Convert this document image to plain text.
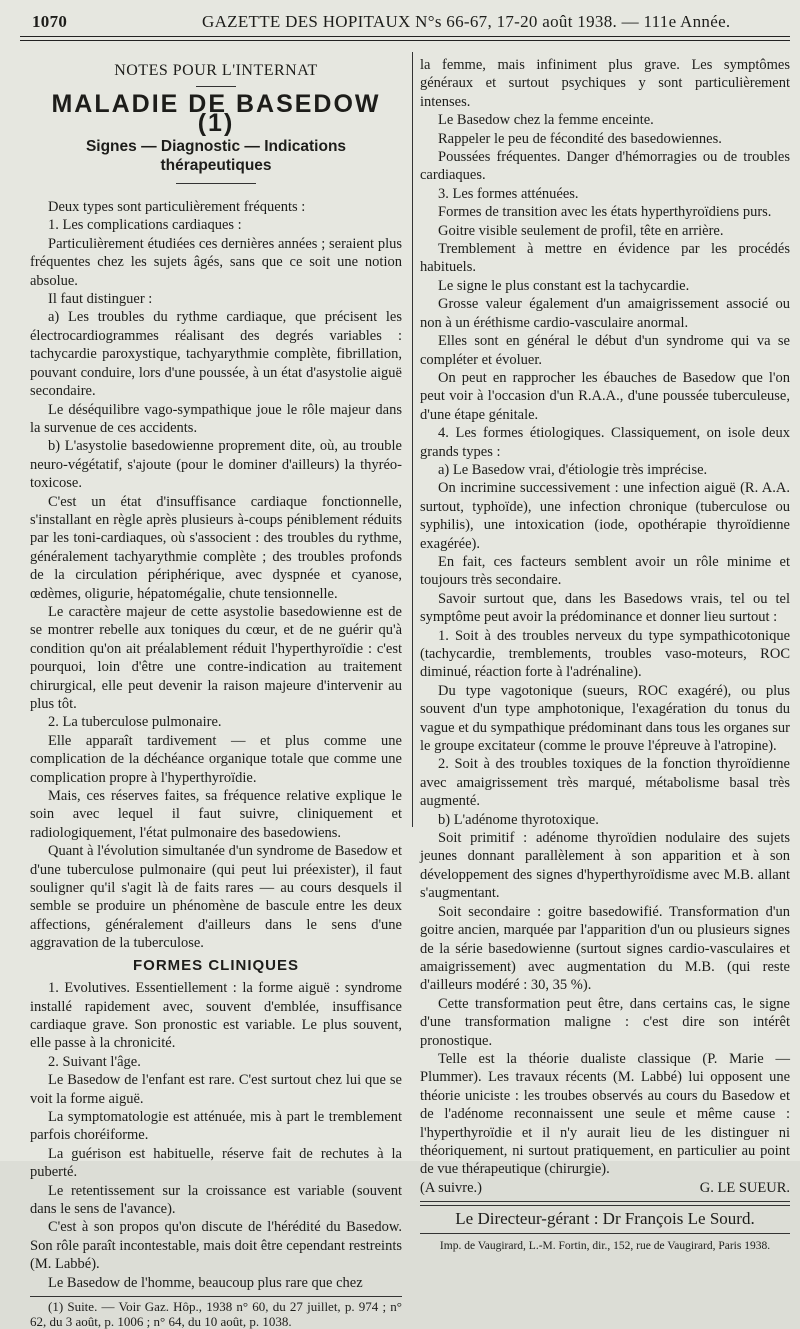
1070	GAZETTE DES HOPITAUX N°s 66-67, 17-20 août 1938. — 111e Année.
NOTES POUR L'INTERNAT
MALADIE DE BASEDOW (1)
Signes — Diagnostic — Indications thérapeutiques

Deux types sont particulièrement fréquents :

1. Les complications cardiaques :

Particulièrement étudiées ces dernières années ; seraient plus fréquentes chez les sujets âgés, sans que ce soit une notion absolue.

Il faut distinguer :

a) Les troubles du rythme cardiaque, que précisent les électrocardiogrammes réalisant des degrés variables : tachycardie paroxystique, tachyarythmie complète, fibrillation, pouvant conduire, lors d'une poussée, à un état d'asystolie aiguë secondaire.

Le déséquilibre vago-sympathique joue le rôle majeur dans la survenue de ces accidents.

b) L'asystolie basedowienne proprement dite, où, au trouble neuro-végétatif, s'ajoute (pour le dominer d'ailleurs) la thyréo-toxicose.

C'est un état d'insuffisance cardiaque fonctionnelle, s'installant en règle après plusieurs à-coups péniblement réduits par les toni-cardiaques, où s'associent : des troubles du rythme, généralement tachyarythmie complète ; des troubles profonds de la circulation périphérique, avec dyspnée et cyanose, œdèmes, oligurie, hépatomégalie, chute tensionnelle.

Le caractère majeur de cette asystolie basedowienne est de se montrer rebelle aux toniques du cœur, et de ne guérir qu'à condition qu'on ait préalablement réduit l'hyperthyroïdie : c'est pourquoi, loin d'être une contre-indication au traitement chirurgical, elle peut devenir la raison majeure d'intervenir au plus tôt.

2. La tuberculose pulmonaire.

Elle apparaît tardivement — et plus comme une complication de la déchéance organique totale que comme une complication propre à l'hyperthyroïdie.

Mais, ces réserves faites, sa fréquence relative explique le soin avec lequel il faut suivre, cliniquement et radiologiquement, l'état pulmonaire des basedowiens.

Quant à l'évolution simultanée d'un syndrome de Basedow et d'une tuberculose pulmonaire (qui peut lui préexister), il faut souligner qu'il s'agit là de faits rares — au cours desquels il semble se produire un phénomène de bascule entre les deux affections, généralement d'ailleurs dans le sens d'une aggravation de la tuberculose.

FORMES CLINIQUES

1. Evolutives. Essentiellement : la forme aiguë : syndrome installé rapidement avec, souvent d'emblée, insuffisance cardiaque grave. Son pronostic est variable. Le plus souvent, elle passe à la chronicité.

2. Suivant l'âge.

Le Basedow de l'enfant est rare. C'est surtout chez lui que se voit la forme aiguë.

La symptomatologie est atténuée, mis à part le tremblement parfois choréiforme.

La guérison est habituelle, réserve fait de rechutes à la puberté.

Le retentissement sur la croissance est variable (souvent dans le sens de l'avance).

C'est à son propos qu'on discute de l'hérédité du Basedow. Son rôle paraît incontestable, mais doit être cependant restreints (M. Labbé).

Le Basedow de l'homme, beaucoup plus rare que chez

(1) Suite. — Voir Gaz. Hôp., 1938 n° 60, du 27 juillet, p. 974 ; n° 62, du 3 août, p. 1006 ; n° 64, du 10 août, p. 1038.

la femme, mais infiniment plus grave. Les symptômes généraux et surtout psychiques y sont particulièrement intenses.

Le Basedow chez la femme enceinte.

Rappeler le peu de fécondité des basedowiennes.

Poussées fréquentes. Danger d'hémorragies ou de troubles cardiaques.

3. Les formes atténuées.

Formes de transition avec les états hyperthyroïdiens purs.

Goitre visible seulement de profil, tête en arrière.

Tremblement à mettre en évidence par les procédés habituels.

Le signe le plus constant est la tachycardie.

Grosse valeur également d'un amaigrissement associé ou non à un éréthisme cardio-vasculaire anormal.

Elles sont en général le début d'un syndrome qui va se compléter et évoluer.

On peut en rapprocher les ébauches de Basedow que l'on peut voir à l'occasion d'un R.A.A., d'une poussée tuberculeuse, d'une étape génitale.

4. Les formes étiologiques. Classiquement, on isole deux grands types :

a) Le Basedow vrai, d'étiologie très imprécise.

On incrimine successivement : une infection aiguë (R. A.A. surtout, typhoïde), une infection chronique (tuberculose ou syphilis), une intoxication (iode, opothérapie thyroïdienne exagérée).

En fait, ces facteurs semblent avoir un rôle minime et toujours très secondaire.

Savoir surtout que, dans les Basedows vrais, tel ou tel symptôme peut avoir la prédominance et donner lieu surtout :

1. Soit à des troubles nerveux du type sympathicotonique (tachycardie, tremblements, troubles vaso-moteurs, ROC diminué, réaction forte à l'adrénaline).

Du type vagotonique (sueurs, ROC exagéré), ou plus souvent d'un type amphotonique, l'exagération du tonus du vague et du sympathique prédominant dans tous les organes sur le groupe excitateur (comme le prouve l'épreuve à l'atropine).

2. Soit à des troubles toxiques de la fonction thyroïdienne avec amaigrissement très marqué, métabolisme basal très augmenté.

b) L'adénome thyrotoxique.

Soit primitif : adénome thyroïdien nodulaire des sujets jeunes donnant parallèlement à son apparition et à son développement des signes d'hyperthyroïdisme avec M.B. allant s'augmentant.

Soit secondaire : goitre basedowifié. Transformation d'un goitre ancien, marquée par l'apparition d'un ou plusieurs signes de la série basedowienne (surtout signes cardio-vasculaires et amaigrissement) avec augmentation du M.B. (qui reste d'ailleurs modéré : 30, 35 %).

Cette transformation peut être, dans certains cas, le signe d'une transformation maligne : c'est dire son intérêt pronostique.

Telle est la théorie dualiste classique (P. Marie — Plummer). Les travaux récents (M. Labbé) lui opposent une théorie uniciste : les troubes observés au cours du Basedow et de l'adénome reconnaissent une seule et même cause : l'hyperthyroïdie et il n'y aurait lieu de les distinguer ni théoriquement, ni surtout pratiquement, en particulier au point de vue thérapeutique (chirurgie).

(A suivre.)	G. LE SUEUR.
Le Directeur-gérant : Dr François Le Sourd.
Imp. de Vaugirard, L.-M. Fortin, dir., 152, rue de Vaugirard, Paris 1938.
